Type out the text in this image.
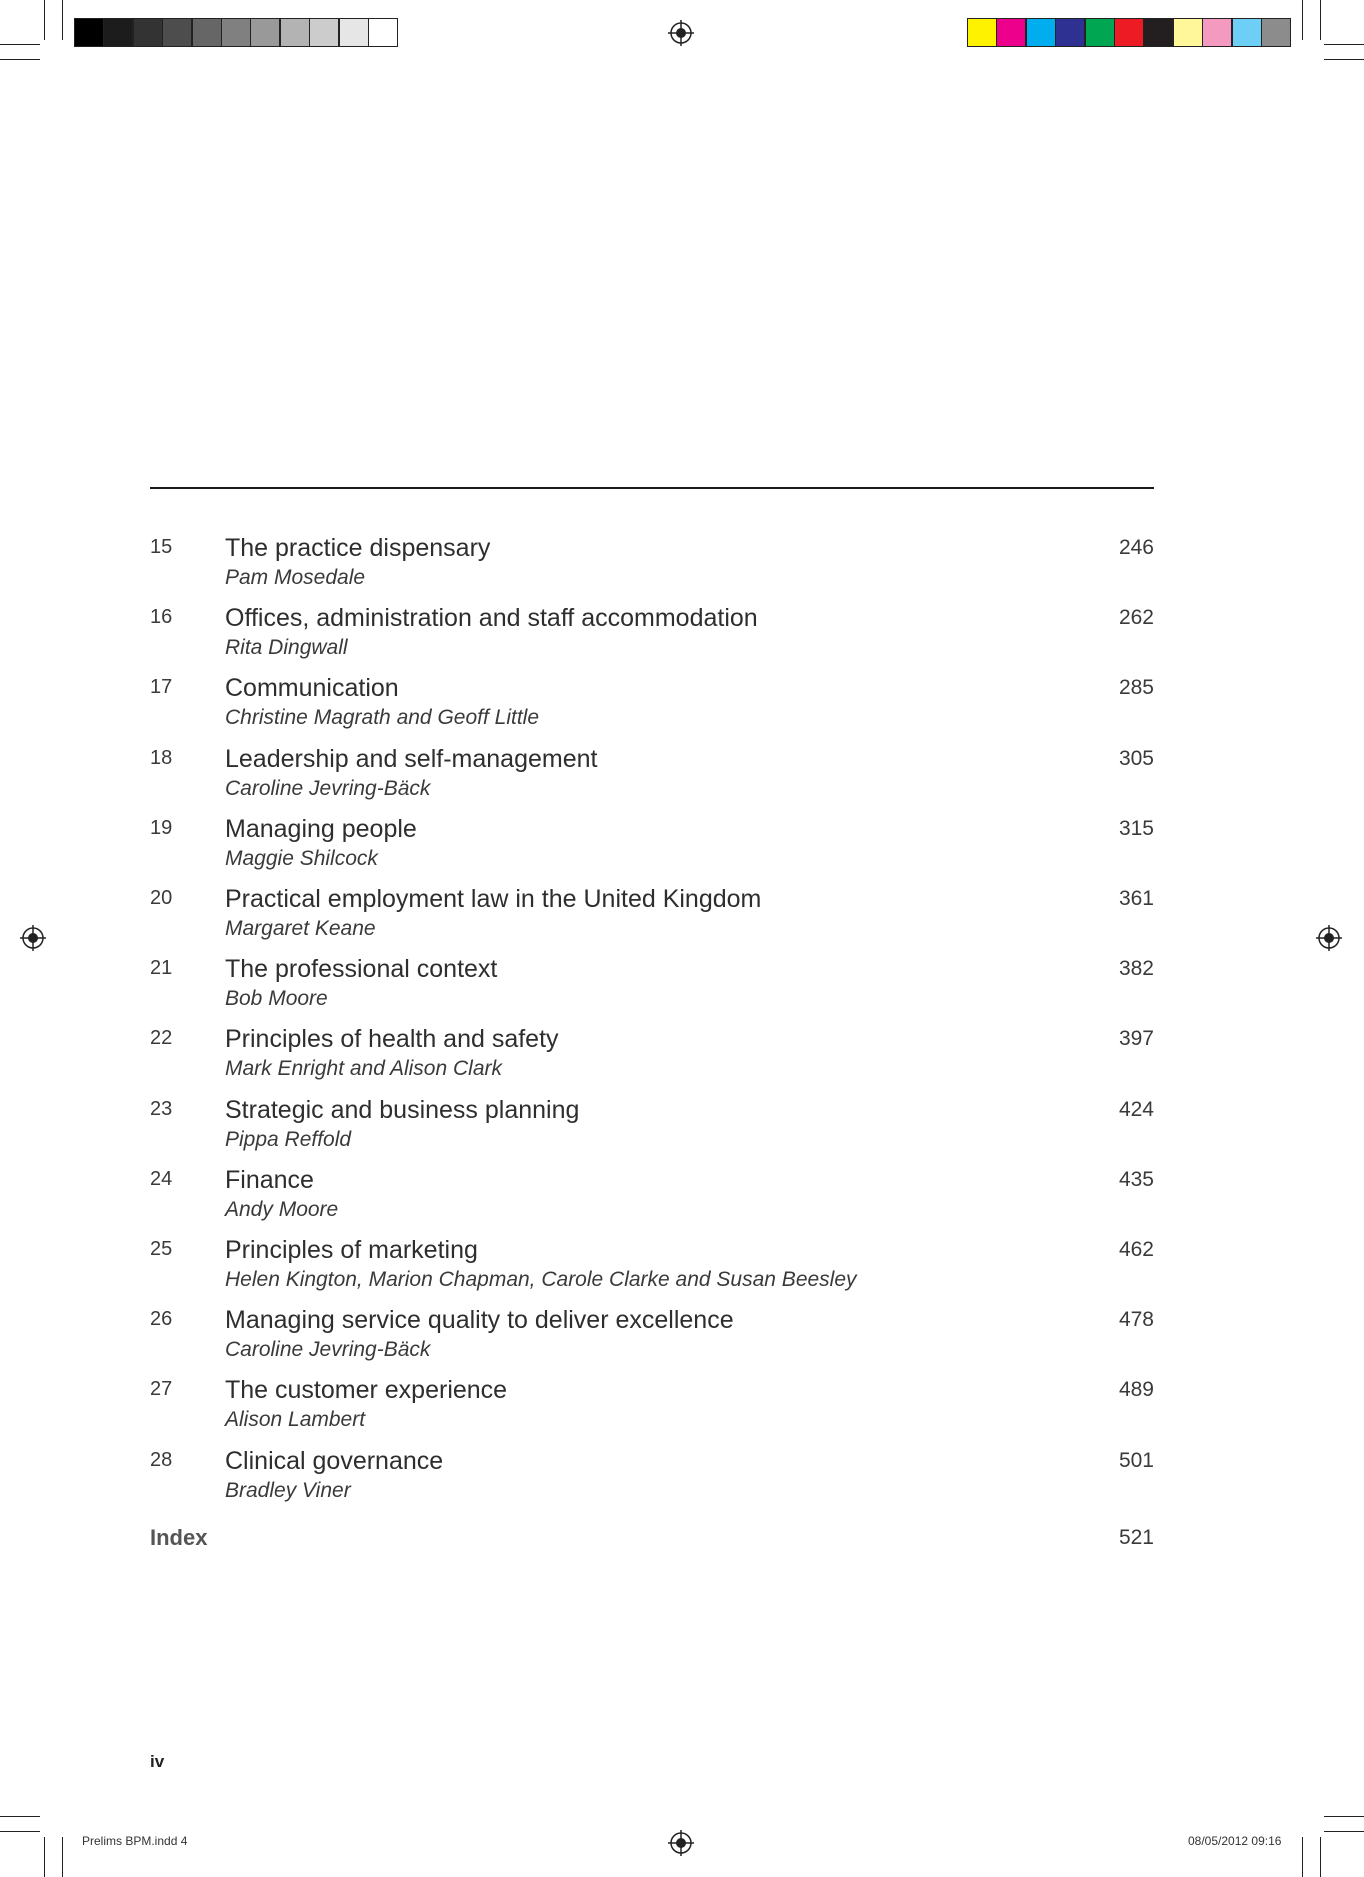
15 The practice dispensary
Pam Mosedale
246
16 Offices, administration and staff accommodation
Rita Dingwall
262
17 Communication
Christine Magrath and Geoff Little
285
18 Leadership and self-management
Caroline Jevring-Bäck
305
19 Managing people
Maggie Shilcock
315
20 Practical employment law in the United Kingdom
Margaret Keane
361
21 The professional context
Bob Moore
382
22 Principles of health and safety
Mark Enright and Alison Clark
397
23 Strategic and business planning
Pippa Reffold
424
24 Finance
Andy Moore
435
25 Principles of marketing
Helen Kington, Marion Chapman, Carole Clarke and Susan Beesley
462
26 Managing service quality to deliver excellence
Caroline Jevring-Bäck
478
27 The customer experience
Alison Lambert
489
28 Clinical governance
Bradley Viner
501
Index	521
iv
Prelims BPM.indd 4	08/05/2012 09:16
